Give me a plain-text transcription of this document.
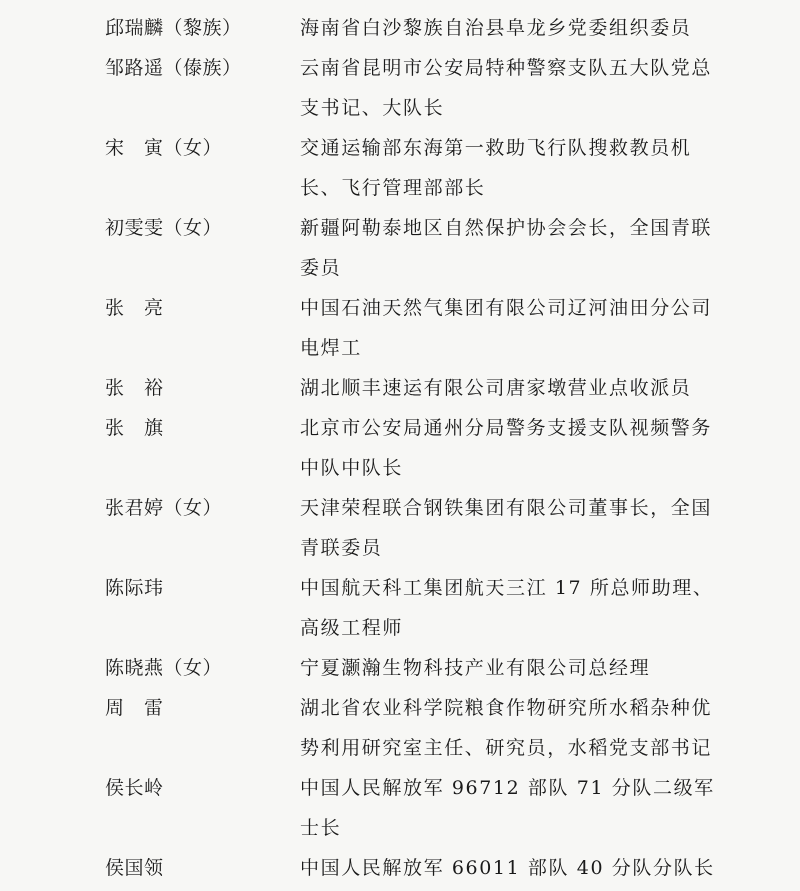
邱瑞麟（黎族）	海南省白沙黎族自治县阜龙乡党委组织委员
邹路遥（傣族）	云南省昆明市公安局特种警察支队五大队党总支书记、大队长
宋　寅（女）	交通运输部东海第一救助飞行队搜救教员机长、飞行管理部部长
初雯雯（女）	新疆阿勒泰地区自然保护协会会长，全国青联委员
张　亮	中国石油天然气集团有限公司辽河油田分公司电焊工
张　裕	湖北顺丰速运有限公司唐家墩营业点收派员
张　旗	北京市公安局通州分局警务支援支队视频警务中队中队长
张君婷（女）	天津荣程联合钢铁集团有限公司董事长，全国青联委员
陈际玮	中国航天科工集团航天三江 17 所总师助理、高级工程师
陈晓燕（女）	宁夏灏瀚生物科技产业有限公司总经理
周　雷	湖北省农业科学院粮食作物研究所水稻杂种优势利用研究室主任、研究员，水稻党支部书记
侯长岭	中国人民解放军 96712 部队 71 分队二级军士长
侯国领	中国人民解放军 66011 部队 40 分队分队长
